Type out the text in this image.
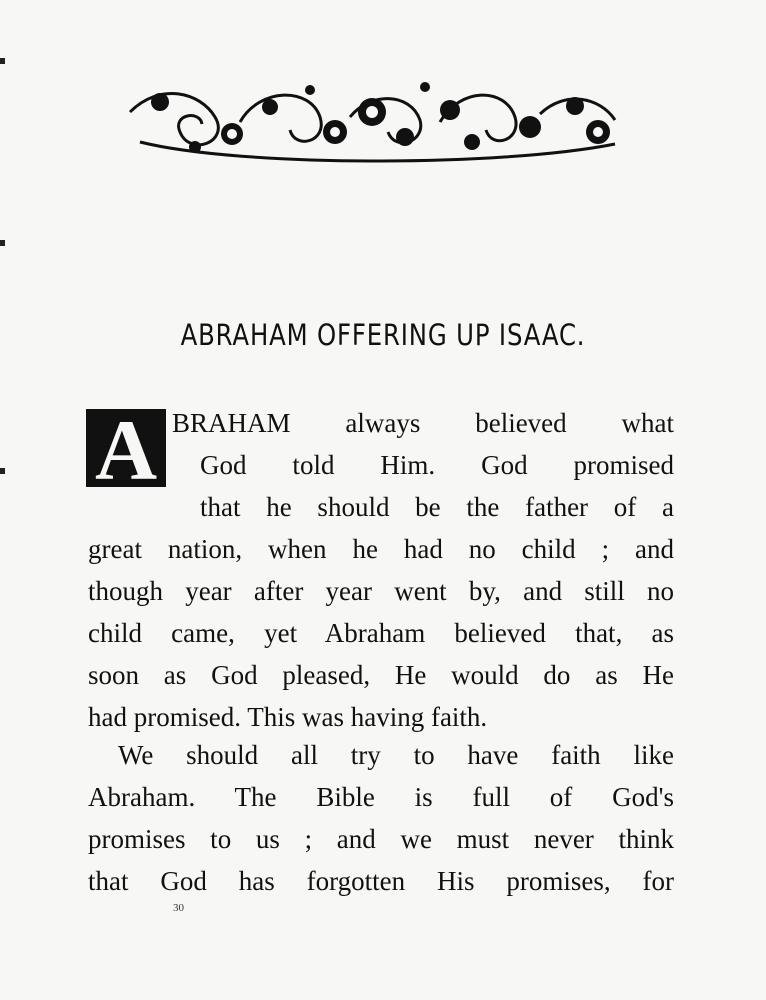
ABRAHAM OFFERING UP ISAAC.
A BRAHAM always believed what
God told Him. God promised
that he should be the father of a
great nation, when he had no child ; and
though year after year went by, and still no
child came, yet Abraham believed that, as
soon as God pleased, He would do as He
had promised. This was having faith.
We should all try to have faith like
Abraham. The Bible is full of God's
promises to us ; and we must never think
that God has forgotten His promises, for
30
